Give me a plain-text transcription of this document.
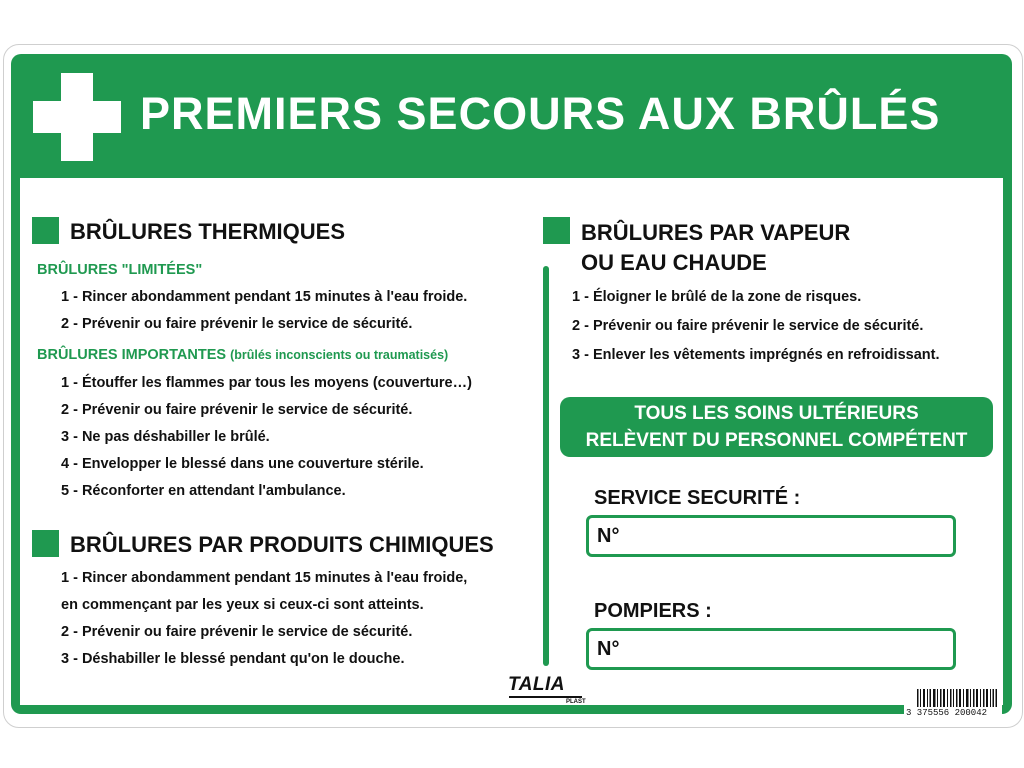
PREMIERS SECOURS AUX BRÛLÉS
BRÛLURES THERMIQUES
BRÛLURES "LIMITÉES"
1 - Rincer abondamment pendant 15 minutes à l'eau froide.
2 - Prévenir ou faire prévenir le service de sécurité.
BRÛLURES IMPORTANTES (brûlés inconscients ou traumatisés)
1 - Étouffer les flammes par tous les moyens (couverture…)
2 - Prévenir ou faire prévenir le service de sécurité.
3 - Ne pas déshabiller le brûlé.
4 - Envelopper le blessé dans une couverture stérile.
5 - Réconforter en attendant l'ambulance.
BRÛLURES PAR PRODUITS CHIMIQUES
1 - Rincer abondamment pendant 15 minutes à l'eau froide,
en commençant par les yeux si ceux-ci sont atteints.
2 - Prévenir ou faire prévenir le service de sécurité.
3 - Déshabiller le blessé pendant qu'on le douche.
BRÛLURES PAR VAPEUR
OU EAU CHAUDE
1 - Éloigner le brûlé de la zone de risques.
2 - Prévenir ou faire prévenir le service de sécurité.
3 - Enlever les vêtements imprégnés en refroidissant.
TOUS LES SOINS ULTÉRIEURS
RELÈVENT DU PERSONNEL COMPÉTENT
SERVICE SECURITÉ :
N°
POMPIERS :
N°
TALIA
PLAST
3 375556 200042
